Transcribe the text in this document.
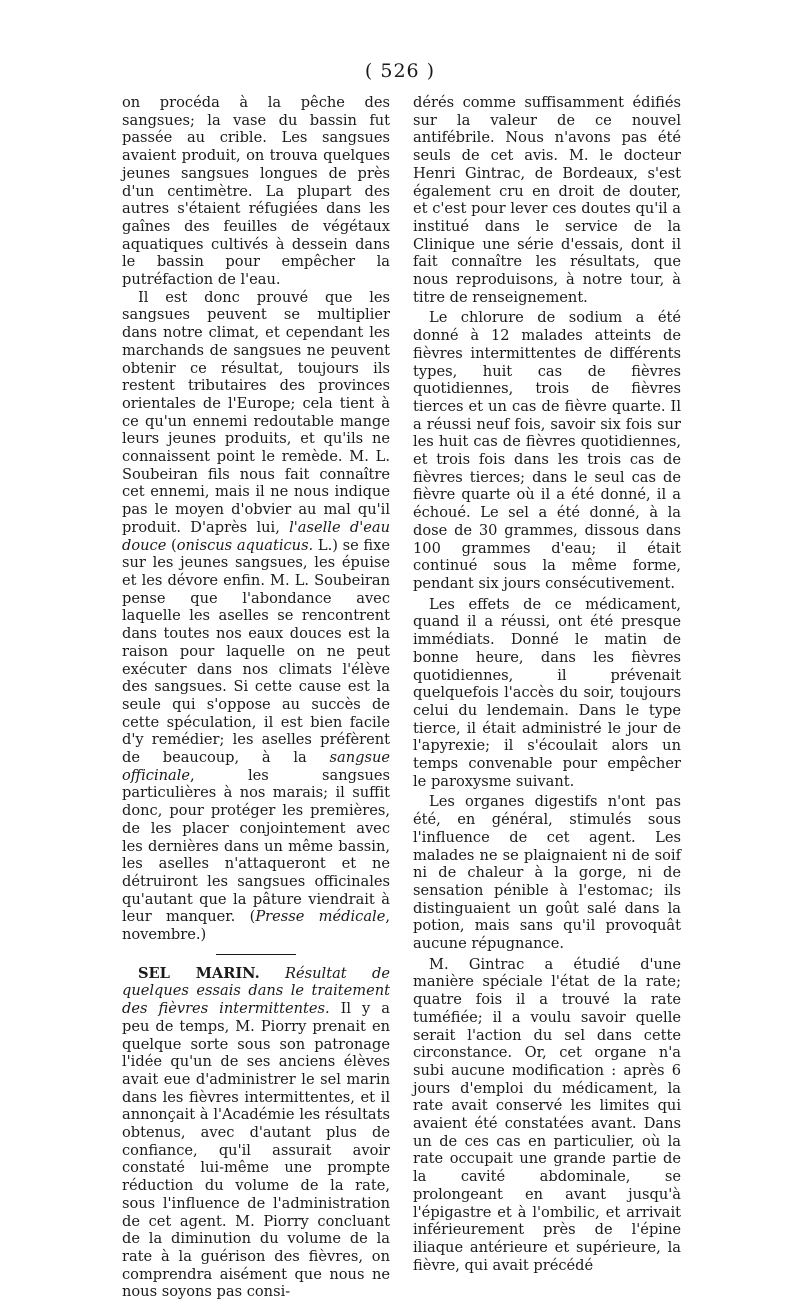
( 526 )

on procéda à la pêche des sangsues; la vase du bassin fut passée au crible. Les sangsues avaient produit, on trouva quelques jeunes sangsues longues de près d'un centimètre. La plupart des autres s'étaient réfugiées dans les gaînes des feuilles de végétaux aquatiques cultivés à dessein dans le bassin pour empêcher la putréfaction de l'eau.

Il est donc prouvé que les sangsues peuvent se multiplier dans notre climat, et cependant les marchands de sangsues ne peuvent obtenir ce résultat, toujours ils restent tributaires des provinces orientales de l'Europe; cela tient à ce qu'un ennemi redoutable mange leurs jeunes produits, et qu'ils ne connaissent point le remède. M. L. Soubeiran fils nous fait connaître cet ennemi, mais il ne nous indique pas le moyen d'obvier au mal qu'il produit. D'après lui, l'aselle d'eau douce (oniscus aquaticus. L.) se fixe sur les jeunes sangsues, les épuise et les dévore enfin. M. L. Soubeiran pense que l'abondance avec laquelle les aselles se rencontrent dans toutes nos eaux douces est la raison pour laquelle on ne peut exécuter dans nos climats l'élève des sangsues. Si cette cause est la seule qui s'oppose au succès de cette spéculation, il est bien facile d'y remédier; les aselles préfèrent de beaucoup, à la sangsue officinale, les sangsues particulières à nos marais; il suffit donc, pour protéger les premières, de les placer conjointement avec les dernières dans un même bassin, les aselles n'attaqueront et ne détruiront les sangsues officinales qu'autant que la pâture viendrait à leur manquer. (Presse médicale, novembre.)

SEL MARIN. Résultat de quelques essais dans le traitement des fièvres intermittentes. Il y a peu de temps, M. Piorry prenait en quelque sorte sous son patronage l'idée qu'un de ses anciens élèves avait eue d'administrer le sel marin dans les fièvres intermittentes, et il annonçait à l'Académie les résultats obtenus, avec d'autant plus de confiance, qu'il assurait avoir constaté lui-même une prompte réduction du volume de la rate, sous l'influence de l'administration de cet agent. M. Piorry concluant de la diminution du volume de la rate à la guérison des fièvres, on comprendra aisément que nous ne nous soyons pas consi-

dérés comme suffisamment édifiés sur la valeur de ce nouvel antifébrile. Nous n'avons pas été seuls de cet avis. M. le docteur Henri Gintrac, de Bordeaux, s'est également cru en droit de douter, et c'est pour lever ces doutes qu'il a institué dans le service de la Clinique une série d'essais, dont il fait connaître les résultats, que nous reproduisons, à notre tour, à titre de renseignement.

Le chlorure de sodium a été donné à 12 malades atteints de fièvres intermittentes de différents types, huit cas de fièvres quotidiennes, trois de fièvres tierces et un cas de fièvre quarte. Il a réussi neuf fois, savoir six fois sur les huit cas de fièvres quotidiennes, et trois fois dans les trois cas de fièvres tierces; dans le seul cas de fièvre quarte où il a été donné, il a échoué. Le sel a été donné, à la dose de 30 grammes, dissous dans 100 grammes d'eau; il était continué sous la même forme, pendant six jours consécutivement.

Les effets de ce médicament, quand il a réussi, ont été presque immédiats. Donné le matin de bonne heure, dans les fièvres quotidiennes, il prévenait quelquefois l'accès du soir, toujours celui du lendemain. Dans le type tierce, il était administré le jour de l'apyrexie; il s'écoulait alors un temps convenable pour empêcher le paroxysme suivant.

Les organes digestifs n'ont pas été, en général, stimulés sous l'influence de cet agent. Les malades ne se plaignaient ni de soif ni de chaleur à la gorge, ni de sensation pénible à l'estomac; ils distinguaient un goût salé dans la potion, mais sans qu'il provoquât aucune répugnance.

M. Gintrac a étudié d'une manière spéciale l'état de la rate; quatre fois il a trouvé la rate tuméfiée; il a voulu savoir quelle serait l'action du sel dans cette circonstance. Or, cet organe n'a subi aucune modification : après 6 jours d'emploi du médicament, la rate avait conservé les limites qui avaient été constatées avant. Dans un de ces cas en particulier, où la rate occupait une grande partie de la cavité abdominale, se prolongeant en avant jusqu'à l'épigastre et à l'ombilic, et arrivait inférieurement près de l'épine iliaque antérieure et supérieure, la fièvre, qui avait précédé
